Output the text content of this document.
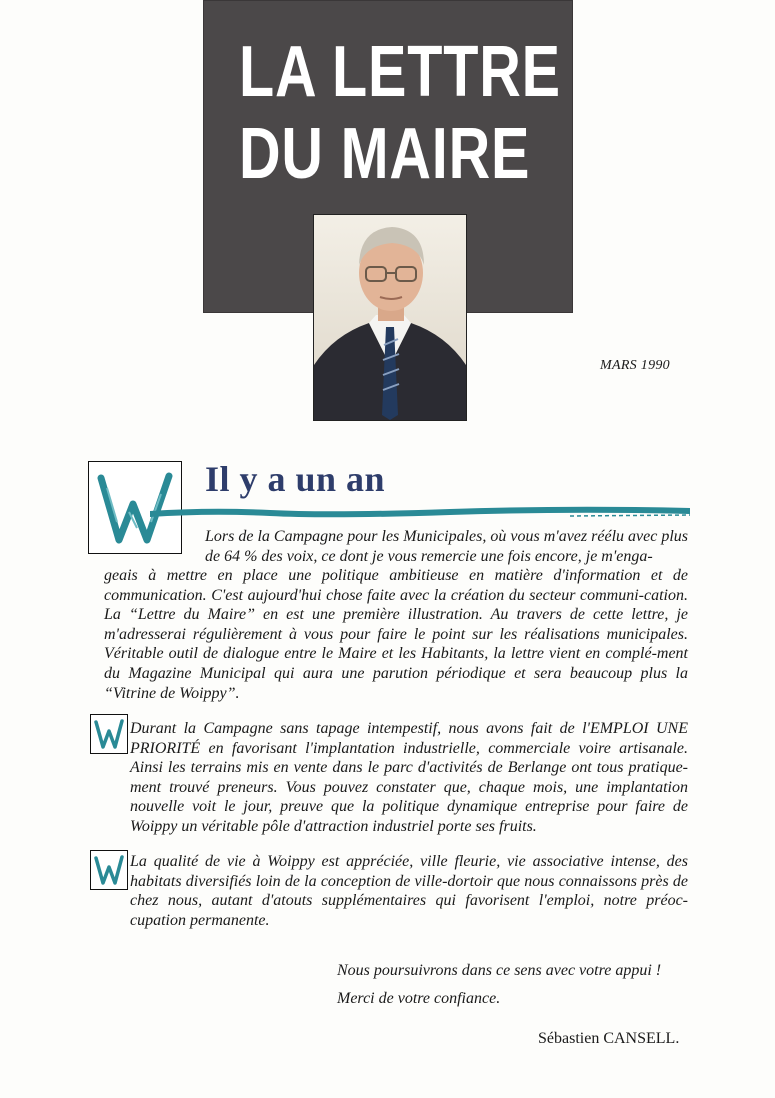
LA LETTRE
DU MAIRE
MARS 1990
Il y a un an
Lors de la Campagne pour les Municipales, où vous m'avez réélu avec plus de 64 % des voix, ce dont je vous remercie une fois encore, je m'enga-
geais à mettre en place une politique ambitieuse en matière d'information et de communication. C'est aujourd'hui chose faite avec la création du secteur communi-cation. La “Lettre du Maire” en est une première illustration. Au travers de cette lettre, je m'adresserai régulièrement à vous pour faire le point sur les réalisations municipales. Véritable outil de dialogue entre le Maire et les Habitants, la lettre vient en complé-ment du Magazine Municipal qui aura une parution périodique et sera beaucoup plus la “Vitrine de Woippy”.
Durant la Campagne sans tapage intempestif, nous avons fait de l'EMPLOI UNE PRIORITÉ en favorisant l'implantation industrielle, commerciale voire artisanale. Ainsi les terrains mis en vente dans le parc d'activités de Berlange ont tous pratique-ment trouvé preneurs. Vous pouvez constater que, chaque mois, une implantation nouvelle voit le jour, preuve que la politique dynamique entreprise pour faire de Woippy un véritable pôle d'attraction industriel porte ses fruits.
La qualité de vie à Woippy est appréciée, ville fleurie, vie associative intense, des habitats diversifiés loin de la conception de ville-dortoir que nous connaissons près de chez nous, autant d'atouts supplémentaires qui favorisent l'emploi, notre préoc-cupation permanente.
Nous poursuivrons dans ce sens avec votre appui !
Merci de votre confiance.
Sébastien CANSELL.
